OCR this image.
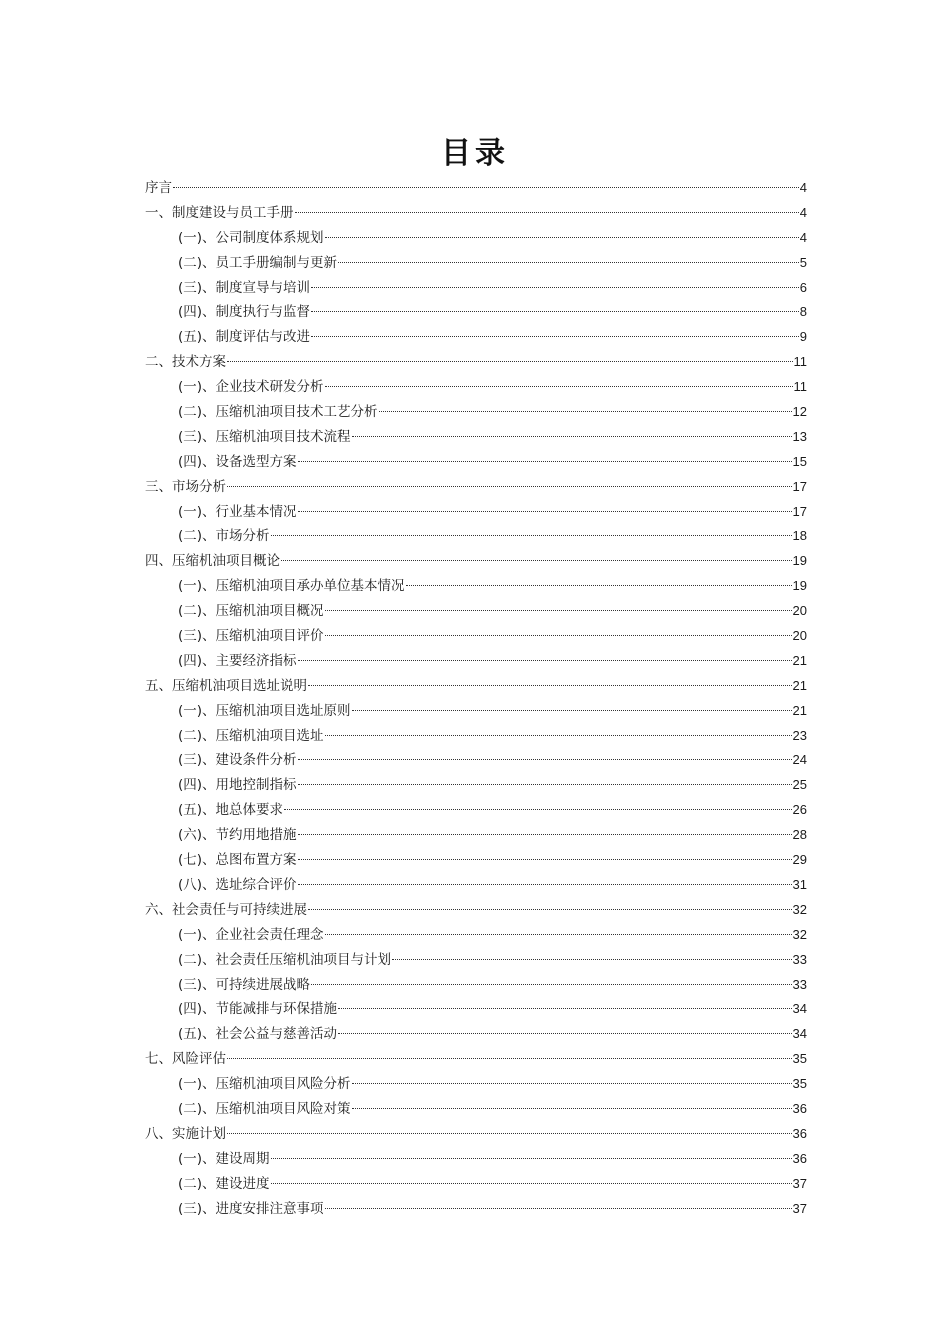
目录
序言	4
一、制度建设与员工手册	4
(一)、公司制度体系规划	4
(二)、员工手册编制与更新	5
(三)、制度宣导与培训	6
(四)、制度执行与监督	8
(五)、制度评估与改进	9
二、技术方案	11
(一)、企业技术研发分析	11
(二)、压缩机油项目技术工艺分析	12
(三)、压缩机油项目技术流程	13
(四)、设备选型方案	15
三、市场分析	17
(一)、行业基本情况	17
(二)、市场分析	18
四、压缩机油项目概论	19
(一)、压缩机油项目承办单位基本情况	19
(二)、压缩机油项目概况	20
(三)、压缩机油项目评价	20
(四)、主要经济指标	21
五、压缩机油项目选址说明	21
(一)、压缩机油项目选址原则	21
(二)、压缩机油项目选址	23
(三)、建设条件分析	24
(四)、用地控制指标	25
(五)、地总体要求	26
(六)、节约用地措施	28
(七)、总图布置方案	29
(八)、选址综合评价	31
六、社会责任与可持续进展	32
(一)、企业社会责任理念	32
(二)、社会责任压缩机油项目与计划	33
(三)、可持续进展战略	33
(四)、节能减排与环保措施	34
(五)、社会公益与慈善活动	34
七、风险评估	35
(一)、压缩机油项目风险分析	35
(二)、压缩机油项目风险对策	36
八、实施计划	36
(一)、建设周期	36
(二)、建设进度	37
(三)、进度安排注意事项	37
